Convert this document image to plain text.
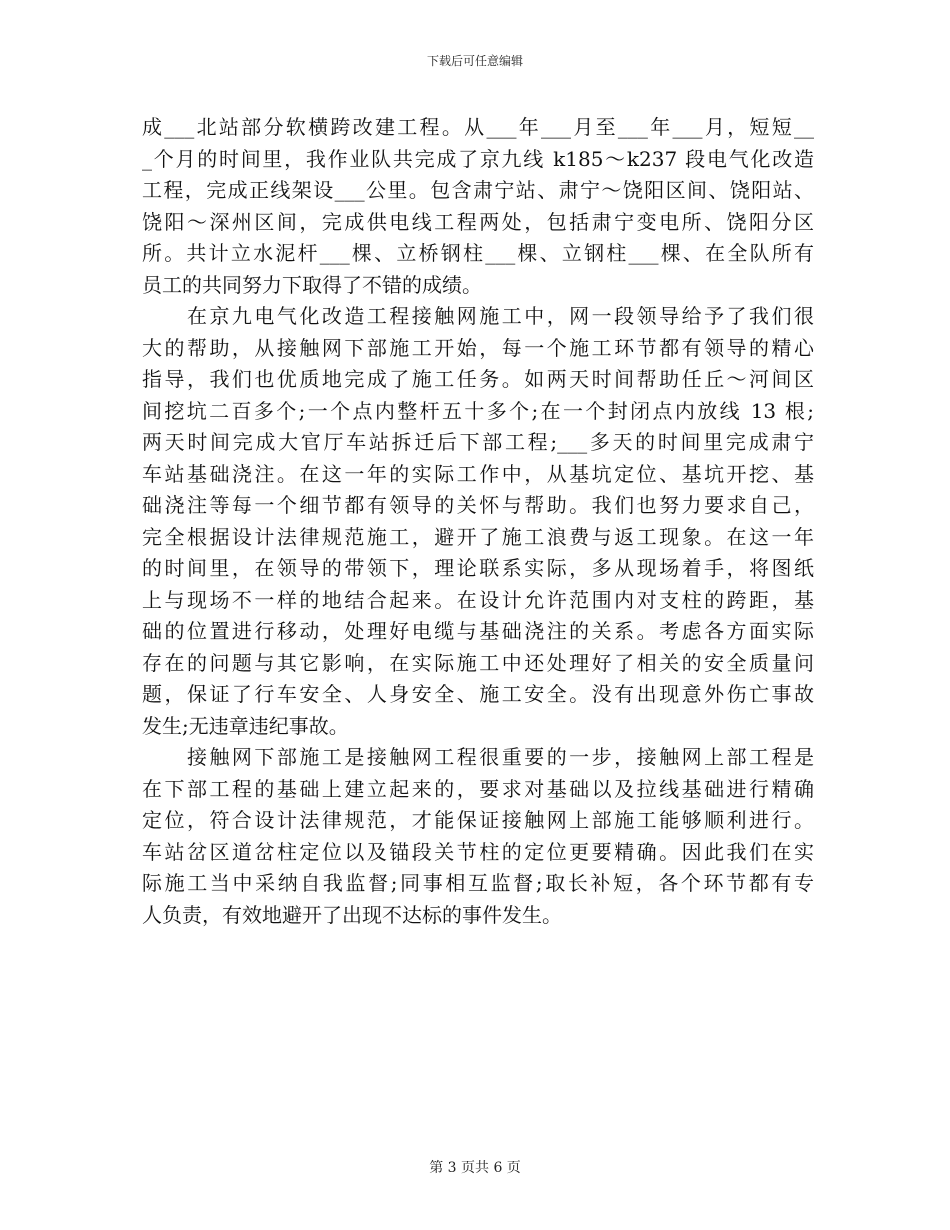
下载后可任意编辑
成___北站部分软横跨改建工程。从___年___月至___年___月，短短__
_个月的时间里，我作业队共完成了京九线 k185～k237 段电气化改造
工程，完成正线架设___公里。包含肃宁站、肃宁～饶阳区间、饶阳站、
饶阳～深州区间，完成供电线工程两处，包括肃宁变电所、饶阳分区
所。共计立水泥杆___棵、立桥钢柱___棵、立钢柱___棵、在全队所有
员工的共同努力下取得了不错的成绩。
　　在京九电气化改造工程接触网施工中，网一段领导给予了我们很
大的帮助，从接触网下部施工开始，每一个施工环节都有领导的精心
指导，我们也优质地完成了施工任务。如两天时间帮助任丘～河间区
间挖坑二百多个;一个点内整杆五十多个;在一个封闭点内放线 13 根;
两天时间完成大官厅车站拆迁后下部工程;___多天的时间里完成肃宁
车站基础浇注。在这一年的实际工作中，从基坑定位、基坑开挖、基
础浇注等每一个细节都有领导的关怀与帮助。我们也努力要求自己，
完全根据设计法律规范施工，避开了施工浪费与返工现象。在这一年
的时间里，在领导的带领下，理论联系实际，多从现场着手，将图纸
上与现场不一样的地结合起来。在设计允许范围内对支柱的跨距，基
础的位置进行移动，处理好电缆与基础浇注的关系。考虑各方面实际
存在的问题与其它影响，在实际施工中还处理好了相关的安全质量问
题，保证了行车安全、人身安全、施工安全。没有出现意外伤亡事故
发生;无违章违纪事故。
　　接触网下部施工是接触网工程很重要的一步，接触网上部工程是
在下部工程的基础上建立起来的，要求对基础以及拉线基础进行精确
定位，符合设计法律规范，才能保证接触网上部施工能够顺利进行。
车站岔区道岔柱定位以及锚段关节柱的定位更要精确。因此我们在实
际施工当中采纳自我监督;同事相互监督;取长补短，各个环节都有专
人负责，有效地避开了出现不达标的事件发生。
第 3 页共 6 页
